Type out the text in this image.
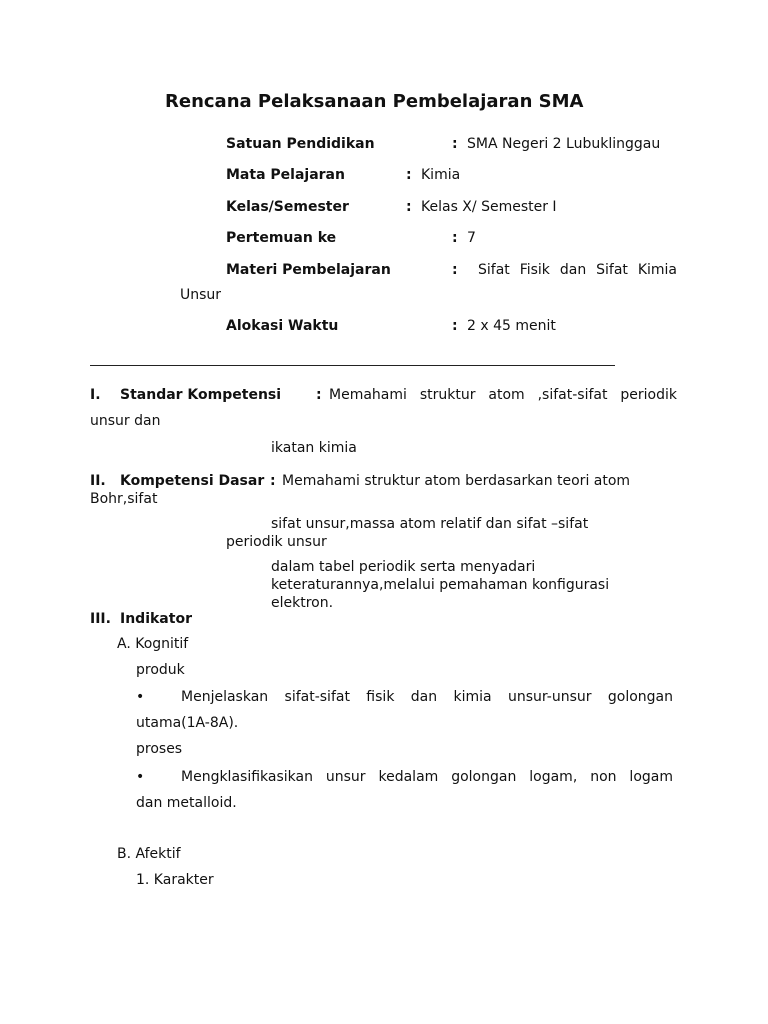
Rencana Pelaksanaan Pembelajaran SMA
Satuan Pendidikan	: SMA Negeri 2 Lubuklinggau
Mata Pelajaran	: Kimia
Kelas/Semester	: Kelas X/ Semester I
Pertemuan ke	: 7
Materi Pembelajaran	: Sifat Fisik dan Sifat Kimia
Unsur
Alokasi Waktu	: 2 x 45 menit
I. Standar Kompetensi : Memahami struktur atom ,sifat-sifat periodik
unsur dan
ikatan kimia
II. Kompetensi Dasar : Memahami struktur atom berdasarkan teori atom
Bohr,sifat
sifat unsur,massa atom relatif dan sifat –sifat
periodik unsur
dalam tabel periodik serta menyadari
keteraturannya,melalui pemahaman konfigurasi
elektron.
III. Indikator
A. Kognitif
produk
•	Menjelaskan sifat-sifat fisik dan kimia unsur-unsur golongan
utama(1A-8A).
proses
•	Mengklasifikasikan unsur kedalam golongan logam, non logam
dan metalloid.
B. Afektif
1. Karakter
